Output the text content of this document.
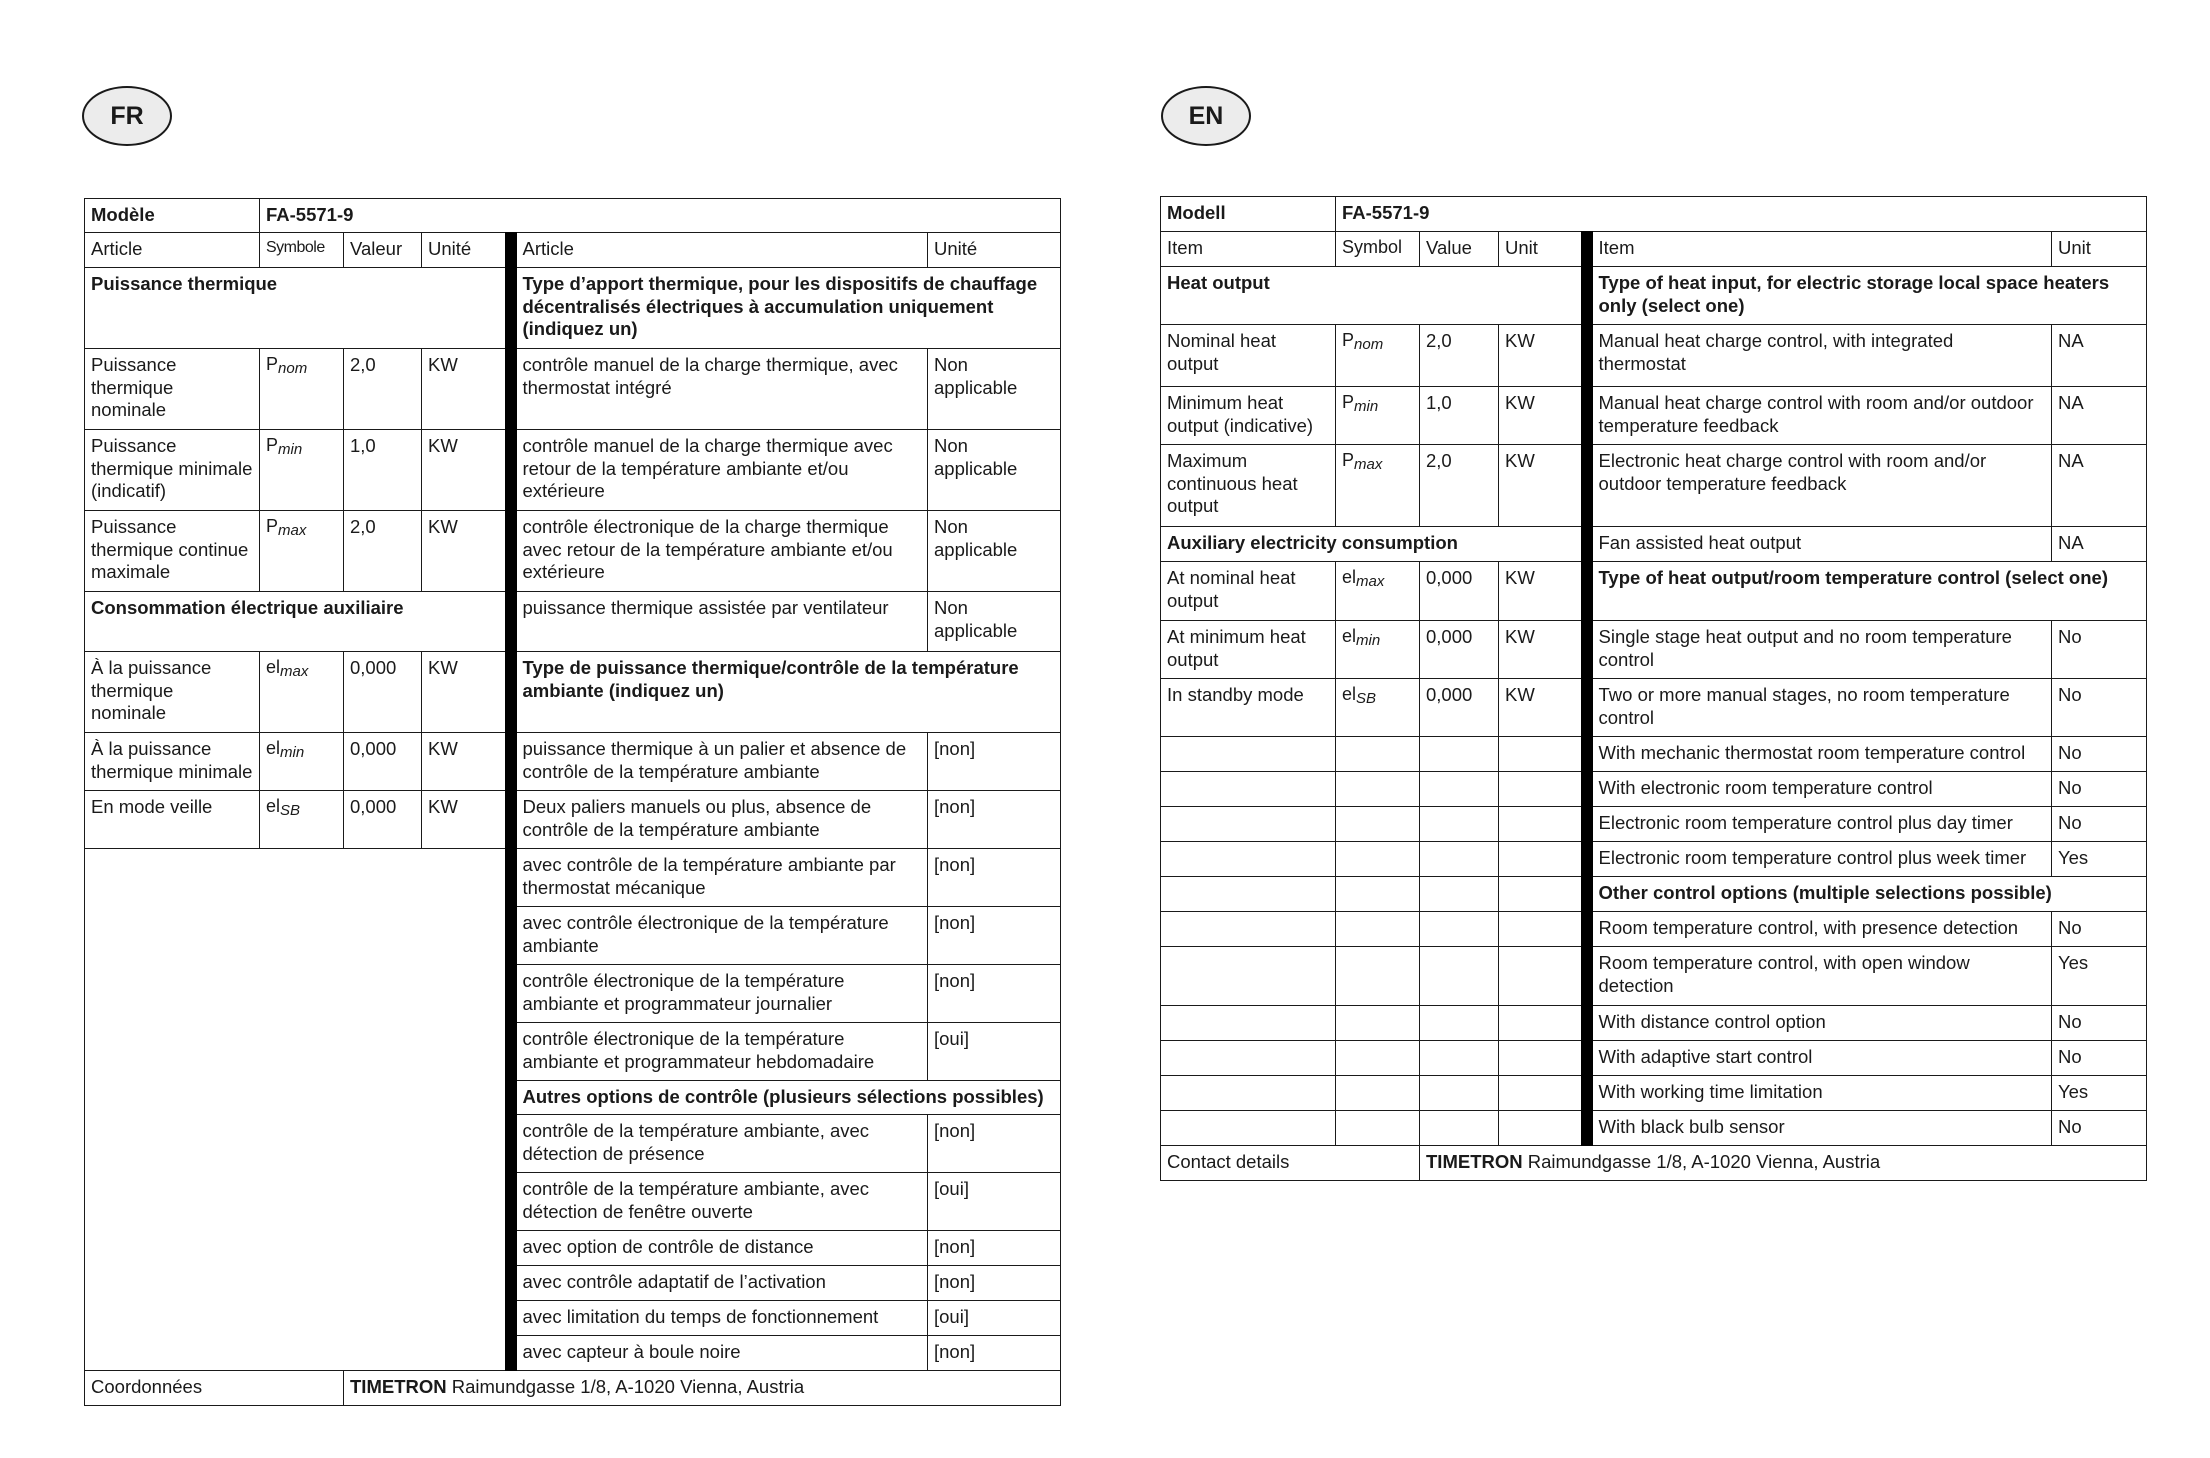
FR	EN
Modèle	FA-5571-9				
Article	Symbole	Valeur	Unité	Article	Unité
Puissance thermique				Type d’apport thermique, pour les dispositifs de chauffage décentralisés électriques à accumulation uniquement (indiquez un)	
Puissance thermique nominale	$P_{nom}$	2,0	KW	contrôle manuel de la charge thermique, avec thermostat intégré	Non applicable
Puissance thermique minimale (indicatif)	$P_{min}$	1,0	KW	contrôle manuel de la charge thermique avec retour de la température ambiante et/ou extérieure	Non applicable
Puissance thermique continue maximale	$P_{max}$	2,0	KW	contrôle électronique de la charge thermique avec retour de la température ambiante et/ou extérieure	Non applicable
Consommation électrique auxiliaire				puissance thermique assistée par ventilateur	Non applicable
À la puissance thermique nominale	$el_{max}$	0,000	KW	Type de puissance thermique/contrôle de la température ambiante (indiquez un)	
À la puissance thermique minimale	$el_{min}$	0,000	KW	puissance thermique à un palier et absence de contrôle de la température ambiante	[non]
En mode veille	$el_{SB}$	0,000	KW	Deux paliers manuels ou plus, absence de contrôle de la température ambiante	[non]
				avec contrôle de la température ambiante par thermostat mécanique	[non]
				avec contrôle électronique de la température ambiante	[non]
				contrôle électronique de la température ambiante et programmateur journalier	[non]
				contrôle électronique de la température ambiante et programmateur hebdomadaire	[oui]
				Autres options de contrôle (plusieurs sélections possibles)	
				contrôle de la température ambiante, avec détection de présence	[non]
				contrôle de la température ambiante, avec détection de fenêtre ouverte	[oui]
				avec option de contrôle de distance	[non]
				avec contrôle adaptatif de l’activation	[non]
				avec limitation du temps de fonctionnement	[oui]
				avec capteur à boule noire	[non]
Coordonnées		TIMETRON Raimundgasse 1/8, A-1020 Vienna, Austria			
Modell	FA-5571-9				
Item	Symbol	Value	Unit	Item	Unit
Heat output				Type of heat input, for electric storage local space heaters only (select one)	
Nominal heat output	$P_{nom}$	2,0	KW	Manual heat charge control, with integrated thermostat	NA
Minimum heat output (indicative)	$P_{min}$	1,0	KW	Manual heat charge control with room and/or outdoor temperature feedback	NA
Maximum continuous heat output	$P_{max}$	2,0	KW	Electronic heat charge control with room and/or outdoor temperature feedback	NA
Auxiliary electricity consumption				Fan assisted heat output	NA
At nominal heat output	$el_{max}$	0,000	KW	Type of heat output/room temperature control (select one)	
At minimum heat output	$el_{min}$	0,000	KW	Single stage heat output and no room temperature control	No
In standby mode	$el_{SB}$	0,000	KW	Two or more manual stages, no room temperature control	No
				With mechanic thermostat room temperature control	No
				With electronic room temperature control	No
				Electronic room temperature control plus day timer	No
				Electronic room temperature control plus week timer	Yes
				Other control options (multiple selections possible)	
				Room temperature control, with presence detection	No
				Room temperature control, with open window detection	Yes
				With distance control option	No
				With adaptive start control	No
				With working time limitation	Yes
				With black bulb sensor	No
Contact details		TIMETRON Raimundgasse 1/8, A-1020 Vienna, Austria			
